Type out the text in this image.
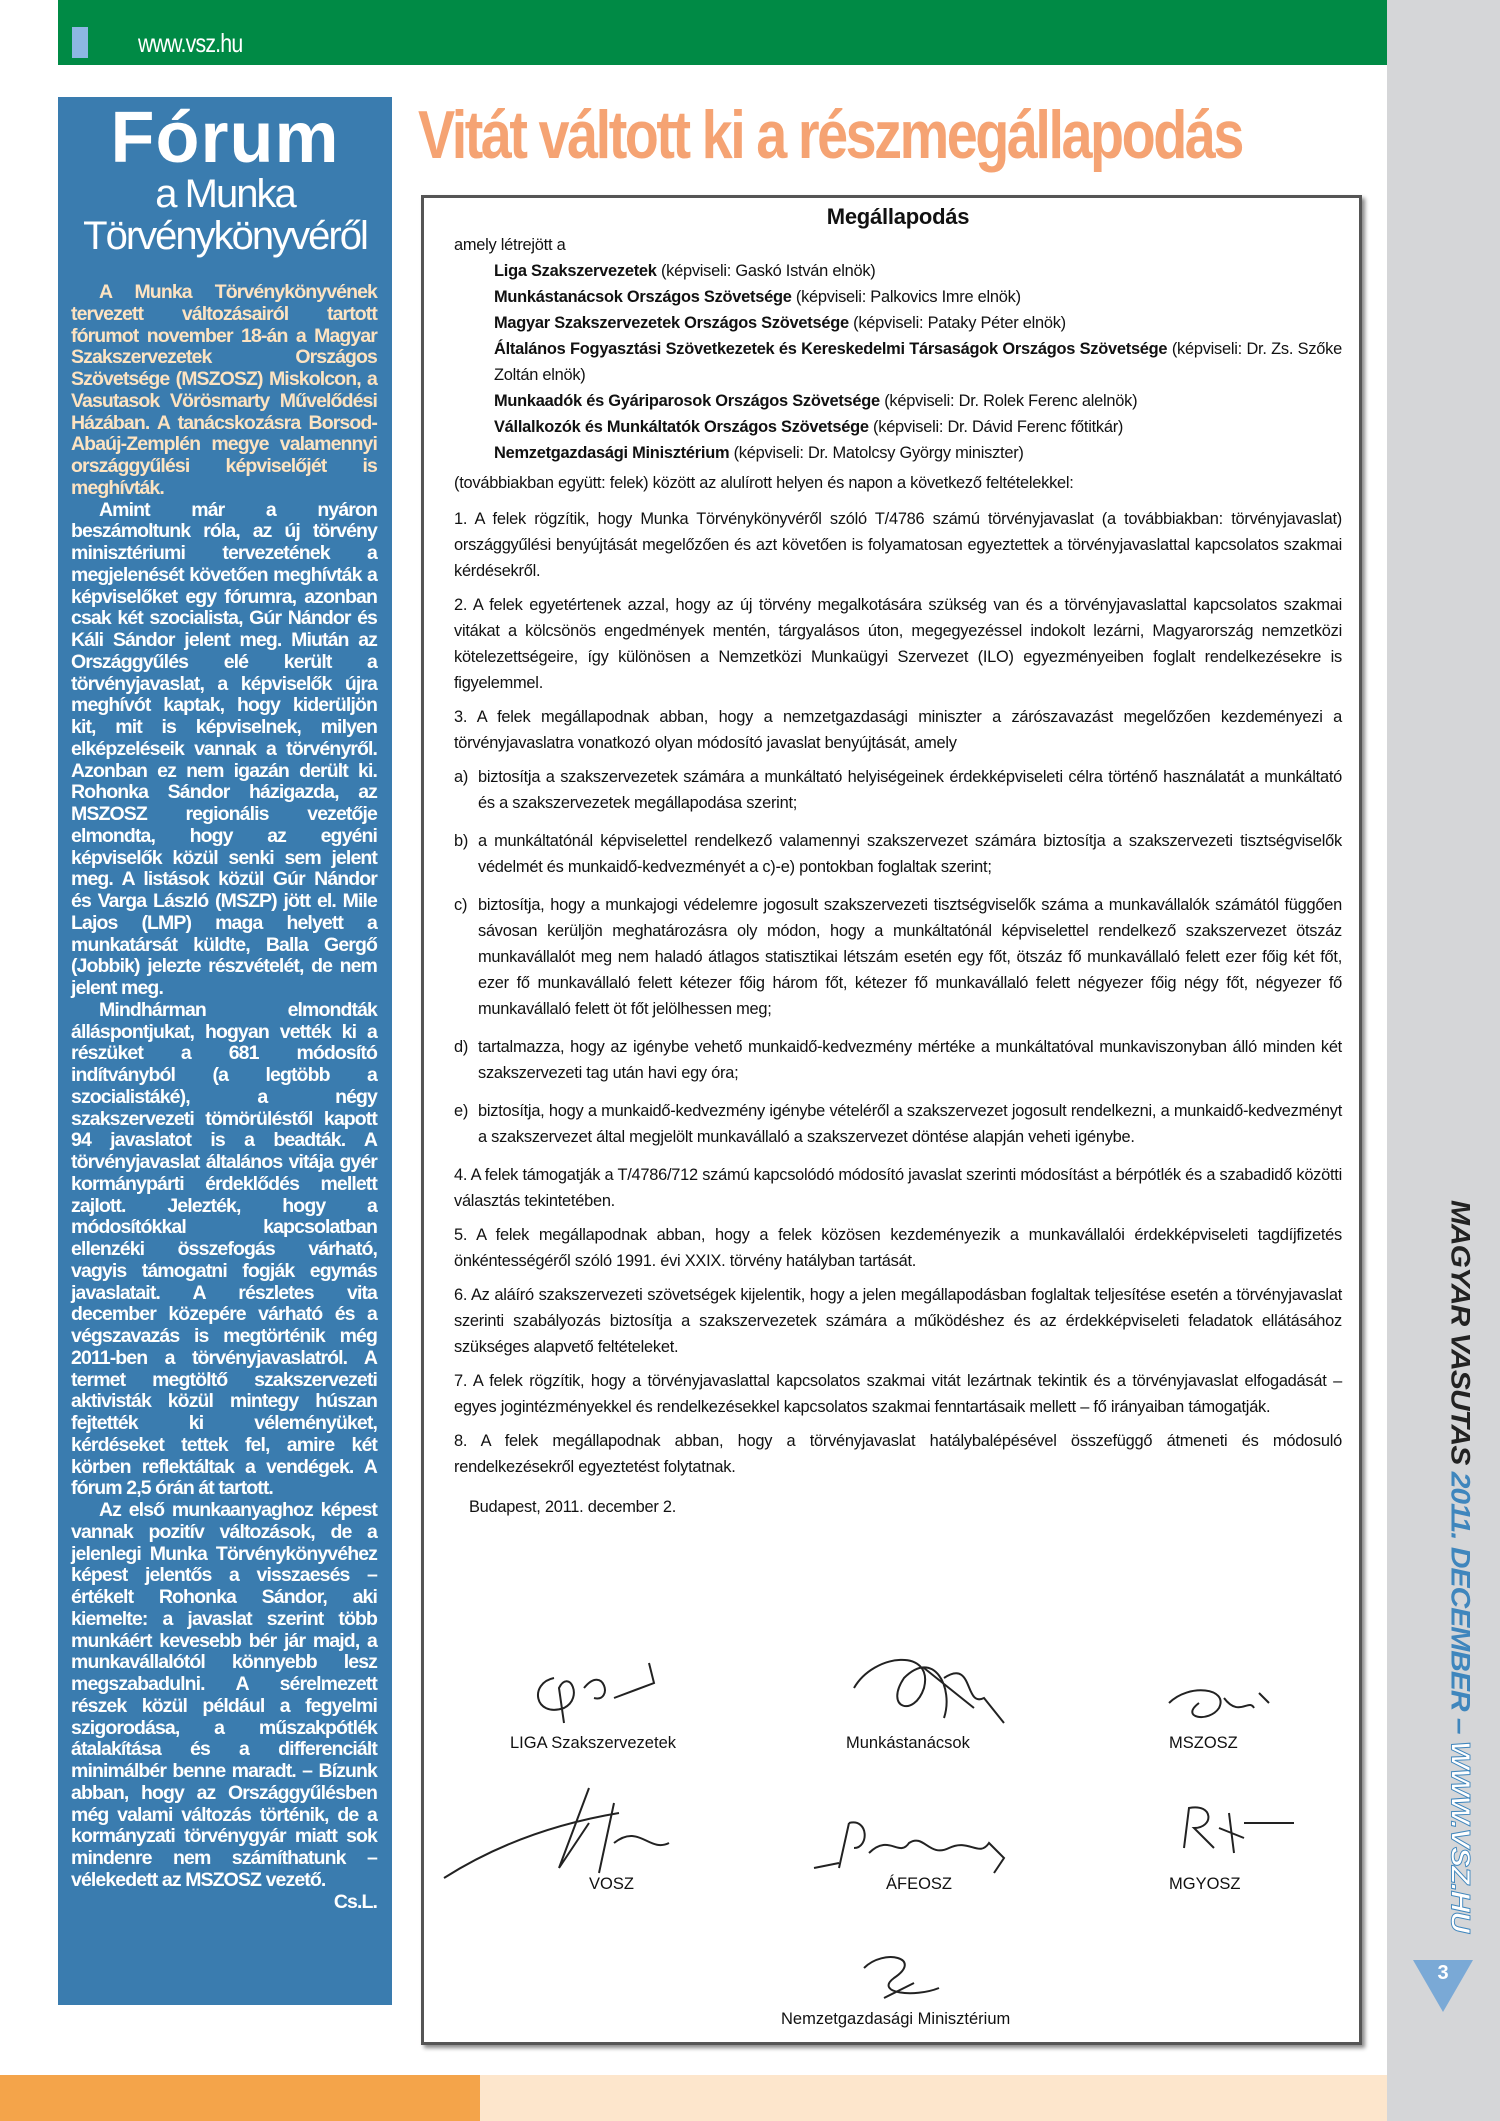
www.vsz.hu
MAGYAR VASUTAS 2011. DECEMBER – WWW.VSZ.HU
3
Fórum
a Munka
Törvénykönyvéről

A Munka Törvénykönyvének tervezett változásairól tartott fórumot november 18-án a Magyar Szakszervezetek Országos Szövetsége (MSZOSZ) Miskolcon, a Vasutasok Vörösmarty Művelődési Házában. A tanácskozásra Borsod-Abaúj-Zemplén megye valamennyi országgyűlési képviselőjét is meghívták.

Amint már a nyáron beszámoltunk róla, az új törvény minisztériumi tervezetének a megjelenését követően meghívták a képviselőket egy fórumra, azonban csak két szocialista, Gúr Nándor és Káli Sándor jelent meg. Miután az Országgyűlés elé került a törvényjavaslat, a képviselők újra meghívót kaptak, hogy kiderüljön kit, mit is képviselnek, milyen elképzeléseik vannak a törvényről. Azonban ez nem igazán derült ki. Rohonka Sándor házigazda, az MSZOSZ regionális vezetője elmondta, hogy az egyéni képviselők közül senki sem jelent meg. A listások közül Gúr Nándor és Varga László (MSZP) jött el. Mile Lajos (LMP) maga helyett a munkatársát küldte, Balla Gergő (Jobbik) jelezte részvételét, de nem jelent meg.

Mindhárman elmondták álláspontjukat, hogyan vették ki a részüket a 681 módosító indítványból (a legtöbb a szocialistáké), a négy szakszervezeti tömörüléstől kapott 94 javaslatot is a beadták. A törvényjavaslat általános vitája gyér kormánypárti érdeklődés mellett zajlott. Jelezték, hogy a módosítókkal kapcsolatban ellenzéki összefogás várható, vagyis támogatni fogják egymás javaslatait. A részletes vita december közepére várható és a végszavazás is megtörténik még 2011-ben a törvényjavaslatról. A termet megtöltő szakszervezeti aktivisták közül mintegy húszan fejtették ki véleményüket, kérdéseket tettek fel, amire két körben reflektáltak a vendégek. A fórum 2,5 órán át tartott.

Az első munkaanyaghoz képest vannak pozitív változások, de a jelenlegi Munka Törvénykönyvéhez képest jelentős a visszaesés – értékelt Rohonka Sándor, aki kiemelte: a javaslat szerint több munkáért kevesebb bér jár majd, a munkavállalótól könnyebb lesz megszabadulni. A sérelmezett részek közül például a fegyelmi szigorodása, a műszakpótlék átalakítása és a differenciált minimálbér benne maradt. – Bízunk abban, hogy az Országgyűlésben még valami változás történik, de a kormányzati törvénygyár miatt sok mindenre nem számíthatunk – vélekedett az MSZOSZ vezető.

Cs.L.

Vitát váltott ki a részmegállapodás
Megállapodás
amely létrejött a
Liga Szakszervezetek (képviseli: Gaskó István elnök)
Munkástanácsok Országos Szövetsége (képviseli: Palkovics Imre elnök)
Magyar Szakszervezetek Országos Szövetsége (képviseli: Pataky Péter elnök)
Általános Fogyasztási Szövetkezetek és Kereskedelmi Társaságok Országos Szövetsége (képviseli: Dr. Zs. Szőke Zoltán elnök)
Munkaadók és Gyáriparosok Országos Szövetsége (képviseli: Dr. Rolek Ferenc alelnök)
Vállalkozók és Munkáltatók Országos Szövetsége (képviseli: Dr. Dávid Ferenc főtitkár)
Nemzetgazdasági Minisztérium (képviseli: Dr. Matolcsy György miniszter)

(továbbiakban együtt: felek) között az alulírott helyen és napon a következő feltételekkel:

1. A felek rögzítik, hogy Munka Törvénykönyvéről szóló T/4786 számú törvényjavaslat (a továbbiakban: törvényjavaslat) országgyűlési benyújtását megelőzően és azt követően is folyamatosan egyeztettek a törvényjavaslattal kapcsolatos szakmai kérdésekről.

2. A felek egyetértenek azzal, hogy az új törvény megalkotására szükség van és a törvényjavaslattal kapcsolatos szakmai vitákat a kölcsönös engedmények mentén, tárgyalásos úton, megegyezéssel indokolt lezárni, Magyarország nemzetközi kötelezettségeire, így különösen a Nemzetközi Munkaügyi Szervezet (ILO) egyezményeiben foglalt rendelkezésekre is figyelemmel.

3. A felek megállapodnak abban, hogy a nemzetgazdasági miniszter a zárószavazást megelőzően kezdeményezi a törvényjavaslatra vonatkozó olyan módosító javaslat benyújtását, amely

a) biztosítja a szakszervezetek számára a munkáltató helyiségeinek érdekképviseleti célra történő használatát a munkáltató és a szakszervezetek megállapodása szerint;
b) a munkáltatónál képviselettel rendelkező valamennyi szakszervezet számára biztosítja a szakszervezeti tisztségviselők védelmét és munkaidő-kedvezményét a c)-e) pontokban foglaltak szerint;
c) biztosítja, hogy a munkajogi védelemre jogosult szakszervezeti tisztségviselők száma a munkavállalók számától függően sávosan kerüljön meghatározásra oly módon, hogy a munkáltatónál képviselettel rendelkező szakszervezet ötszáz munkavállalót meg nem haladó átlagos statisztikai létszám esetén egy főt, ötszáz fő munkavállaló felett ezer főig két főt, ezer fő munkavállaló felett kétezer főig három főt, kétezer fő munkavállaló felett négyezer főig négy főt, négyezer fő munkavállaló felett öt főt jelölhessen meg;
d) tartalmazza, hogy az igénybe vehető munkaidő-kedvezmény mértéke a munkáltatóval munkaviszonyban álló minden két szakszervezeti tag után havi egy óra;
e) biztosítja, hogy a munkaidő-kedvezmény igénybe vételéről a szakszervezet jogosult rendelkezni, a munkaidő-kedvezményt a szakszervezet által megjelölt munkavállaló a szakszervezet döntése alapján veheti igénybe.

4. A felek támogatják a T/4786/712 számú kapcsolódó módosító javaslat szerinti módosítást a bérpótlék és a szabadidő közötti választás tekintetében.

5. A felek megállapodnak abban, hogy a felek közösen kezdeményezik a munkavállalói érdekképviseleti tagdíjfizetés önkéntességéről szóló 1991. évi XXIX. törvény hatályban tartását.

6. Az aláíró szakszervezeti szövetségek kijelentik, hogy a jelen megállapodásban foglaltak teljesítése esetén a törvényjavaslat szerinti szabályozás biztosítja a szakszervezetek számára a működéshez és az érdekképviseleti feladatok ellátásához szükséges alapvető feltételeket.

7. A felek rögzítik, hogy a törvényjavaslattal kapcsolatos szakmai vitát lezártnak tekintik és a törvényjavaslat elfogadását – egyes jogintézményekkel és rendelkezésekkel kapcsolatos szakmai fenntartásaik mellett – fő irányaiban támogatják.

8. A felek megállapodnak abban, hogy a törvényjavaslat hatálybalépésével összefüggő átmeneti és módosuló rendelkezésekről egyeztetést folytatnak.

Budapest, 2011. december 2.

LIGA Szakszervezetek	Munkástanácsok	MSZOSZ
VOSZ	ÁFEOSZ	MGYOSZ
Nemzetgazdasági Minisztérium
